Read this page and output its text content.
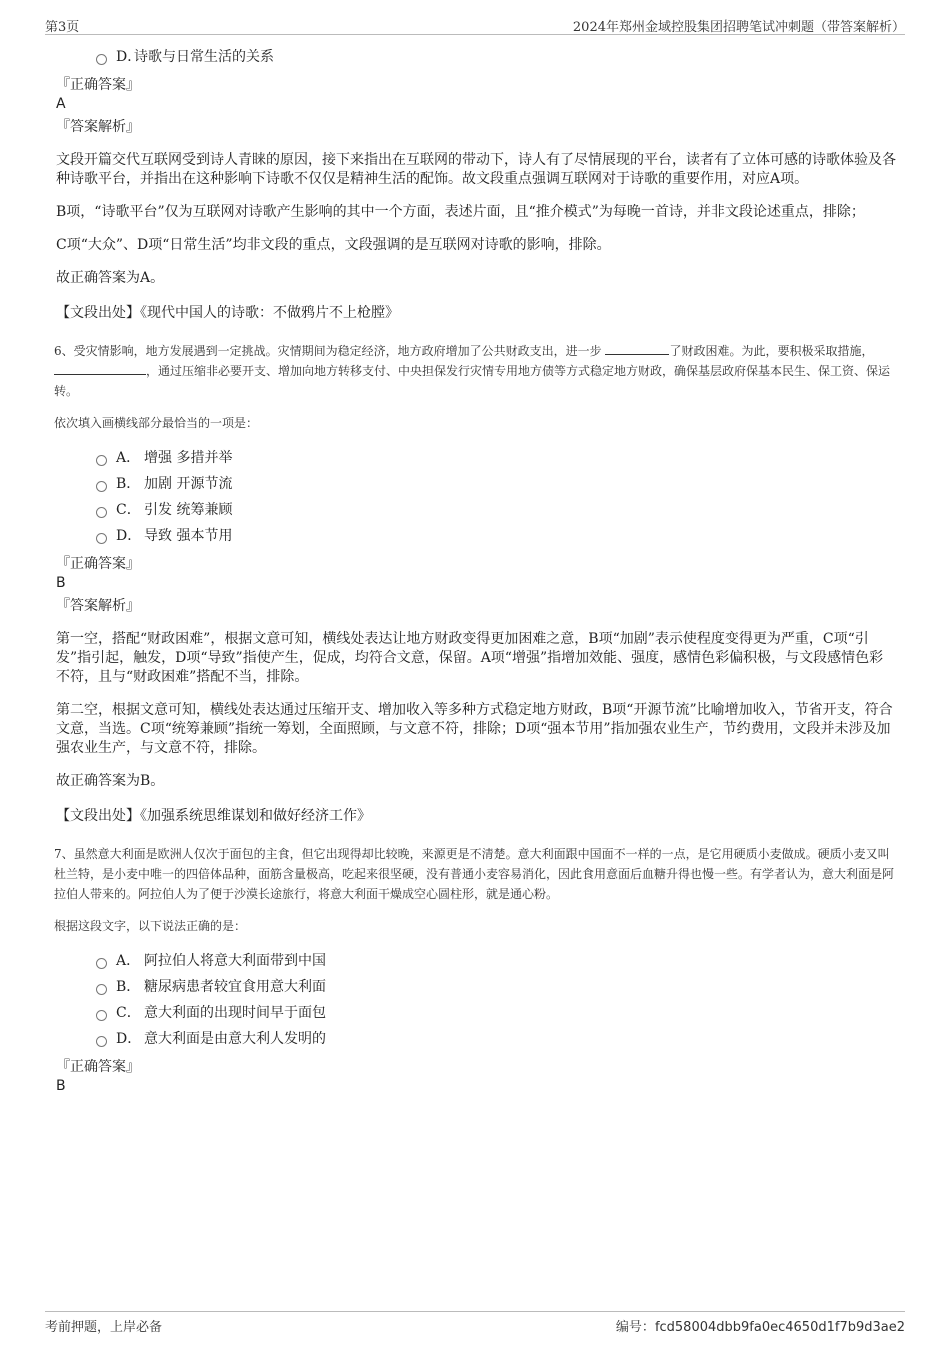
第3页	2024年郑州金域控股集团招聘笔试冲刺题（带答案解析）
D．
诗歌与日常生活的关系
『正确答案』
A
『答案解析』
文段开篇交代互联网受到诗人青睐的原因，接下来指出在互联网的带动下，诗人有了尽情展现的平台，读者有了立体可感的诗歌体验及各种诗歌平台，并指出在这种影响下诗歌不仅仅是精神生活的配饰。故文段重点强调互联网对于诗歌的重要作用，对应A项。
B项，“诗歌平台”仅为互联网对诗歌产生影响的其中一个方面，表述片面，且“推介模式”为每晚一首诗，并非文段论述重点，排除；
C项“大众”、D项“日常生活”均非文段的重点，文段强调的是互联网对诗歌的影响，排除。
故正确答案为A。
【文段出处】《现代中国人的诗歌：不做鸦片不上枪膛》
6、受灾情影响，地方发展遇到一定挑战。灾情期间为稳定经济，地方政府增加了公共财政支出，进一步	了财政困难。为此，要积极采取措施， ，通过压缩非必要开支、增加向地方转移支付、中央担保发行灾情专用地方债等方式稳定地方财政，确保基层政府保基本民生、保工资、保运转。
依次填入画横线部分最恰当的一项是：
A． 增强 多措并举
B． 加剧 开源节流
C． 引发 统筹兼顾
D． 导致 强本节用
『正确答案』
B
『答案解析』
第一空，搭配“财政困难”，根据文意可知，横线处表达让地方财政变得更加困难之意，B项“加剧”表示使程度变得更为严重，C项“引发”指引起，触发，D项“导致”指使产生，促成，均符合文意，保留。A项“增强”指增加效能、强度，感情色彩偏积极，与文段感情色彩不符，且与“财政困难”搭配不当，排除。
第二空，根据文意可知，横线处表达通过压缩开支、增加收入等多种方式稳定地方财政，B项“开源节流”比喻增加收入，节省开支，符合文意，当选。C项“统筹兼顾”指统一筹划，全面照顾，与文意不符，排除；D项“强本节用”指加强农业生产，节约费用，文段并未涉及加强农业生产，与文意不符，排除。
故正确答案为B。
【文段出处】《加强系统思维谋划和做好经济工作》
7、虽然意大利面是欧洲人仅次于面包的主食，但它出现得却比较晚，来源更是不清楚。意大利面跟中国面不一样的一点，是它用硬质小麦做成。硬质小麦又叫杜兰特，是小麦中唯一的四倍体品种，面筋含量极高，吃起来很坚硬，没有普通小麦容易消化，因此食用意面后血糖升得也慢一些。有学者认为，意大利面是阿拉伯人带来的。阿拉伯人为了便于沙漠长途旅行，将意大利面干燥成空心圆柱形，就是通心粉。
根据这段文字，以下说法正确的是：
A． 阿拉伯人将意大利面带到中国
B． 糖尿病患者较宜食用意大利面
C． 意大利面的出现时间早于面包
D． 意大利面是由意大利人发明的
『正确答案』
B
考前押题，上岸必备	编号：fcd58004dbb9fa0ec4650d1f7b9d3ae2
